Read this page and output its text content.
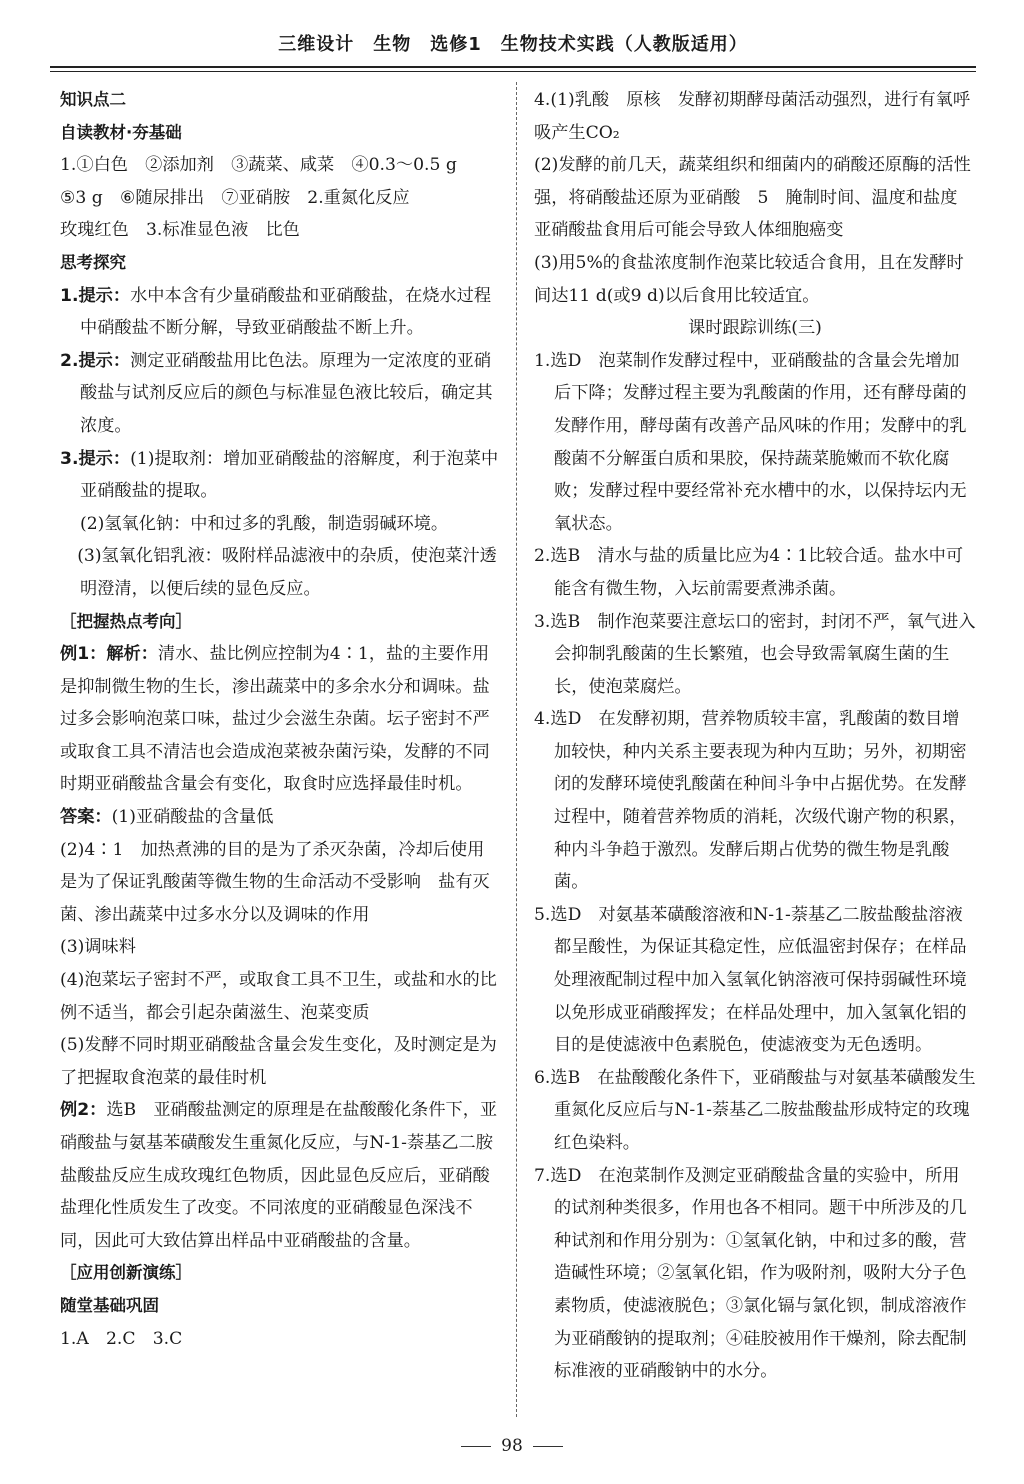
三维设计　生物　选修1　生物技术实践（人教版适用）

知识点二

自读教材·夯基础

1.①白色　②添加剂　③蔬菜、咸菜　④0.3～0.5 g

⑤3 g　⑥随尿排出　⑦亚硝胺　2.重氮化反应

玫瑰红色　3.标准显色液　比色

思考探究

1.提示：水中本含有少量硝酸盐和亚硝酸盐，在烧水过程中硝酸盐不断分解，导致亚硝酸盐不断上升。

2.提示：测定亚硝酸盐用比色法。原理为一定浓度的亚硝酸盐与试剂反应后的颜色与标准显色液比较后，确定其浓度。

3.提示：(1)提取剂：增加亚硝酸盐的溶解度，利于泡菜中亚硝酸盐的提取。

(2)氢氧化钠：中和过多的乳酸，制造弱碱环境。

　(3)氢氧化铝乳液：吸附样品滤液中的杂质，使泡菜汁透明澄清，以便后续的显色反应。

［把握热点考向］

例1：解析：清水、盐比例应控制为4∶1，盐的主要作用是抑制微生物的生长，渗出蔬菜中的多余水分和调味。盐过多会影响泡菜口味，盐过少会滋生杂菌。坛子密封不严或取食工具不清洁也会造成泡菜被杂菌污染，发酵的不同时期亚硝酸盐含量会有变化，取食时应选择最佳时机。

答案：(1)亚硝酸盐的含量低

(2)4∶1　加热煮沸的目的是为了杀灭杂菌，冷却后使用是为了保证乳酸菌等微生物的生命活动不受影响　盐有灭菌、渗出蔬菜中过多水分以及调味的作用

(3)调味料

(4)泡菜坛子密封不严，或取食工具不卫生，或盐和水的比例不适当，都会引起杂菌滋生、泡菜变质

(5)发酵不同时期亚硝酸盐含量会发生变化，及时测定是为了把握取食泡菜的最佳时机

例2：选B　亚硝酸盐测定的原理是在盐酸酸化条件下，亚硝酸盐与氨基苯磺酸发生重氮化反应，与N-1-萘基乙二胺盐酸盐反应生成玫瑰红色物质，因此显色反应后，亚硝酸盐理化性质发生了改变。不同浓度的亚硝酸显色深浅不同，因此可大致估算出样品中亚硝酸盐的含量。

［应用创新演练］

随堂基础巩固

1.A　2.C　3.C

4.(1)乳酸　原核　发酵初期酵母菌活动强烈，进行有氧呼吸产生CO₂

(2)发酵的前几天，蔬菜组织和细菌内的硝酸还原酶的活性强，将硝酸盐还原为亚硝酸　5　腌制时间、温度和盐度　亚硝酸盐食用后可能会导致人体细胞癌变

(3)用5%的食盐浓度制作泡菜比较适合食用，且在发酵时间达11 d(或9 d)以后食用比较适宜。

课时跟踪训练(三)

1.选D　泡菜制作发酵过程中，亚硝酸盐的含量会先增加后下降；发酵过程主要为乳酸菌的作用，还有酵母菌的发酵作用，酵母菌有改善产品风味的作用；发酵中的乳酸菌不分解蛋白质和果胶，保持蔬菜脆嫩而不软化腐败；发酵过程中要经常补充水槽中的水，以保持坛内无氧状态。

2.选B　清水与盐的质量比应为4∶1比较合适。盐水中可能含有微生物，入坛前需要煮沸杀菌。

3.选B　制作泡菜要注意坛口的密封，封闭不严，氧气进入会抑制乳酸菌的生长繁殖，也会导致需氧腐生菌的生长，使泡菜腐烂。

4.选D　在发酵初期，营养物质较丰富，乳酸菌的数目增加较快，种内关系主要表现为种内互助；另外，初期密闭的发酵环境使乳酸菌在种间斗争中占据优势。在发酵过程中，随着营养物质的消耗，次级代谢产物的积累，种内斗争趋于激烈。发酵后期占优势的微生物是乳酸菌。

5.选D　对氨基苯磺酸溶液和N-1-萘基乙二胺盐酸盐溶液都呈酸性，为保证其稳定性，应低温密封保存；在样品处理液配制过程中加入氢氧化钠溶液可保持弱碱性环境以免形成亚硝酸挥发；在样品处理中，加入氢氧化铝的目的是使滤液中色素脱色，使滤液变为无色透明。

6.选B　在盐酸酸化条件下，亚硝酸盐与对氨基苯磺酸发生重氮化反应后与N-1-萘基乙二胺盐酸盐形成特定的玫瑰红色染料。

7.选D　在泡菜制作及测定亚硝酸盐含量的实验中，所用的试剂种类很多，作用也各不相同。题干中所涉及的几种试剂和作用分别为：①氢氧化钠，中和过多的酸，营造碱性环境；②氢氧化铝，作为吸附剂，吸附大分子色素物质，使滤液脱色；③氯化镉与氯化钡，制成溶液作为亚硝酸钠的提取剂；④硅胶被用作干燥剂，除去配制标准液的亚硝酸钠中的水分。

98
